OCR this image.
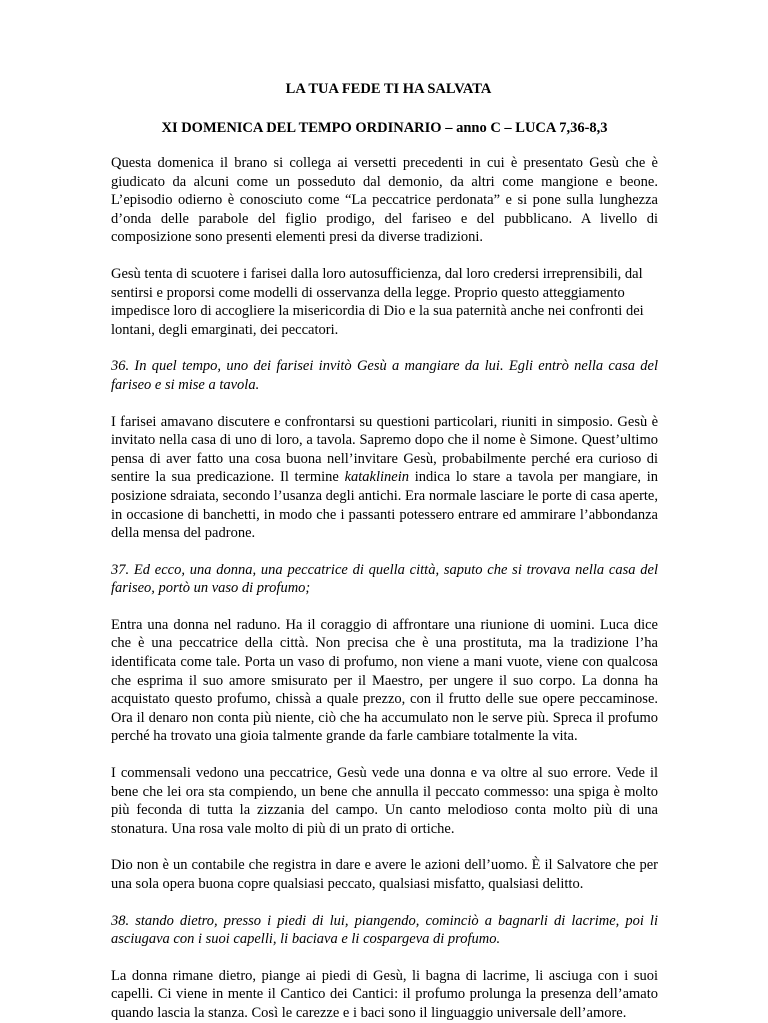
LA TUA FEDE TI HA SALVATA
XI DOMENICA DEL TEMPO ORDINARIO – anno C – LUCA 7,36-8,3

Questa domenica il brano si collega ai versetti precedenti in cui è presentato Gesù che è giudicato da alcuni come un posseduto dal demonio, da altri come mangione e beone. L’episodio odierno è conosciuto come “La peccatrice perdonata” e si pone sulla lunghezza d’onda delle parabole del figlio prodigo, del fariseo e del pubblicano. A livello di composizione sono presenti elementi presi da diverse tradizioni.

Gesù tenta di scuotere i farisei dalla loro autosufficienza, dal loro credersi irreprensibili, dal sentirsi e proporsi come modelli di osservanza della legge. Proprio questo atteggiamento impedisce loro di accogliere la misericordia di Dio e la sua paternità anche nei confronti dei lontani, degli emarginati, dei peccatori.

36. In quel tempo, uno dei farisei invitò Gesù a mangiare da lui. Egli entrò nella casa del fariseo e si mise a tavola.

I farisei amavano discutere e confrontarsi su questioni particolari, riuniti in simposio. Gesù è invitato nella casa di uno di loro, a tavola. Sapremo dopo che il nome è Simone. Quest’ultimo pensa di aver fatto una cosa buona nell’invitare Gesù, probabilmente perché era curioso di sentire la sua predicazione. Il termine kataklinein indica lo stare a tavola per mangiare, in posizione sdraiata, secondo l’usanza degli antichi. Era normale lasciare le porte di casa aperte, in occasione di banchetti, in modo che i passanti potessero entrare ed ammirare l’abbondanza della mensa del padrone.

37. Ed ecco, una donna, una peccatrice di quella città, saputo che si trovava nella casa del fariseo, portò un vaso di profumo;

Entra una donna nel raduno. Ha il coraggio di affrontare una riunione di uomini. Luca dice che è una peccatrice della città. Non precisa che è una prostituta, ma la tradizione l’ha identificata come tale. Porta un vaso di profumo, non viene a mani vuote, viene con qualcosa che esprima il suo amore smisurato per il Maestro, per ungere il suo corpo. La donna ha acquistato questo profumo, chissà a quale prezzo, con il frutto delle sue opere peccaminose. Ora il denaro non conta più niente, ciò che ha accumulato non le serve più. Spreca il profumo perché ha trovato una gioia talmente grande da farle cambiare totalmente la vita.

I commensali vedono una peccatrice, Gesù vede una donna e va oltre al suo errore. Vede il bene che lei ora sta compiendo, un bene che annulla il peccato commesso: una spiga è molto più feconda di tutta la zizzania del campo. Un canto melodioso conta molto più di una stonatura. Una rosa vale molto di più di un prato di ortiche.

Dio non è un contabile che registra in dare e avere le azioni dell’uomo. È il Salvatore che per una sola opera buona copre qualsiasi peccato, qualsiasi misfatto, qualsiasi delitto.

38. stando dietro, presso i piedi di lui, piangendo, cominciò a bagnarli di lacrime, poi li asciugava con i suoi capelli, li baciava e li cospargeva di profumo.

La donna rimane dietro, piange ai piedi di Gesù, li bagna di lacrime, li asciuga con i suoi capelli. Ci viene in mente il Cantico dei Cantici: il profumo prolunga la presenza dell’amato quando lascia la stanza. Così le carezze e i baci sono il linguaggio universale dell’amore.
